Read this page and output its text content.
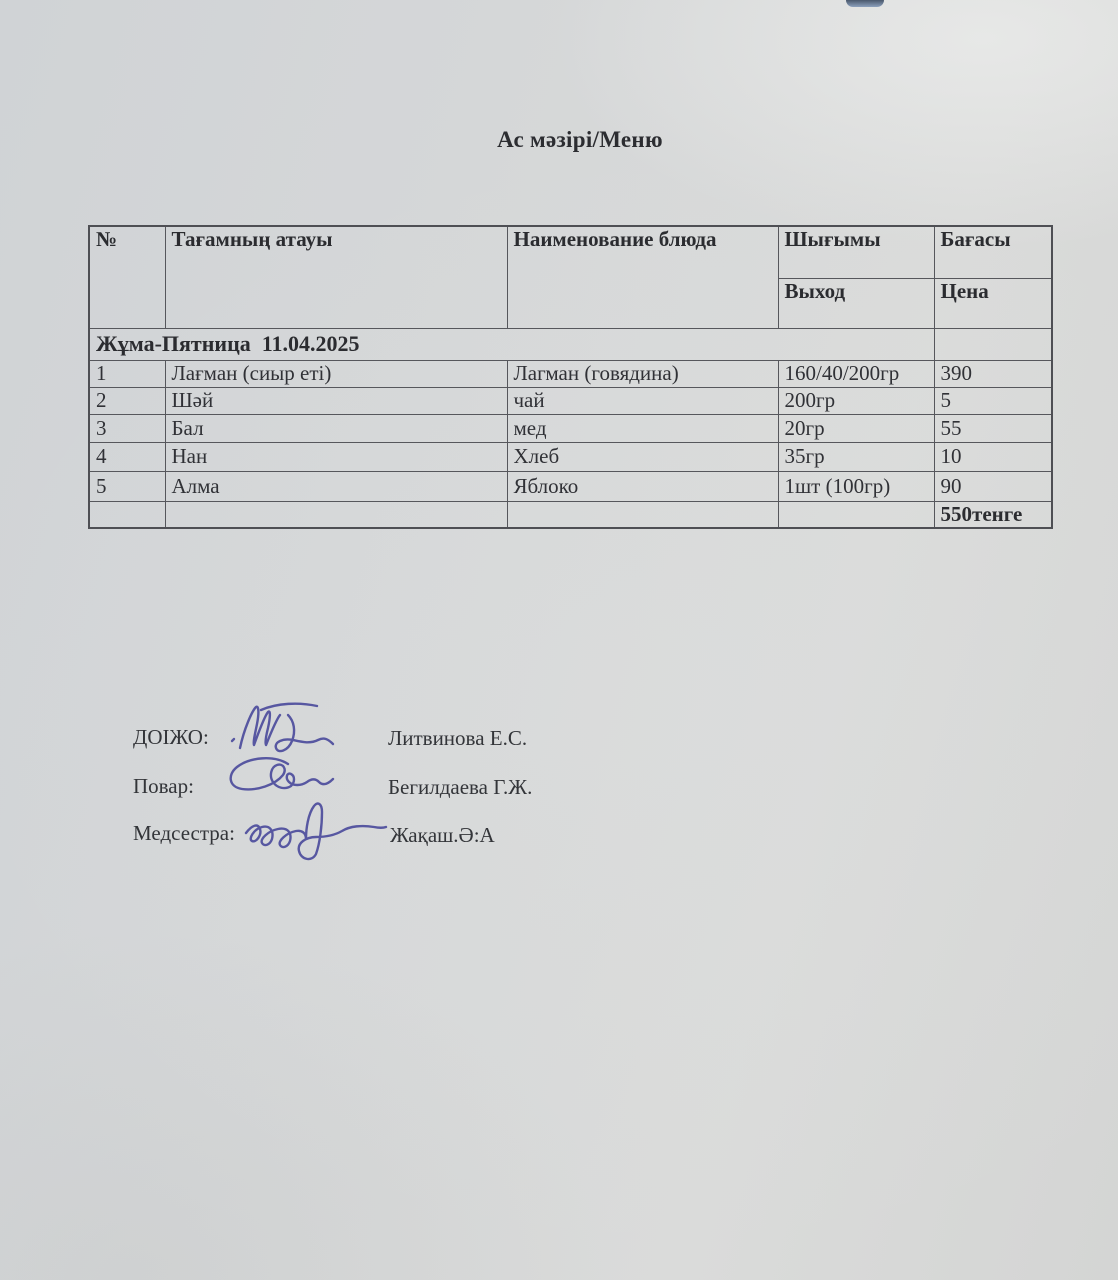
Ас мәзірі/Меню
№	Тағамның атауы	Наименование блюда	Шығымы	Бағасы
			Выход	Цена
Жұма-Пятница  11.04.2025				
1	Лағман (сиыр еті)	Лагман (говядина)	160/40/200гр	390
2	Шәй	чай	200гр	5
3	Бал	мед	20гр	55
4	Нан	Хлеб	35гр	10
5	Алма	Яблоко	1шт (100гр)	90
				550тенге
ДОІЖО:	Литвинова Е.С.
Повар:	Бегилдаева Г.Ж.
Медсестра:	Жақаш.Ә:А
